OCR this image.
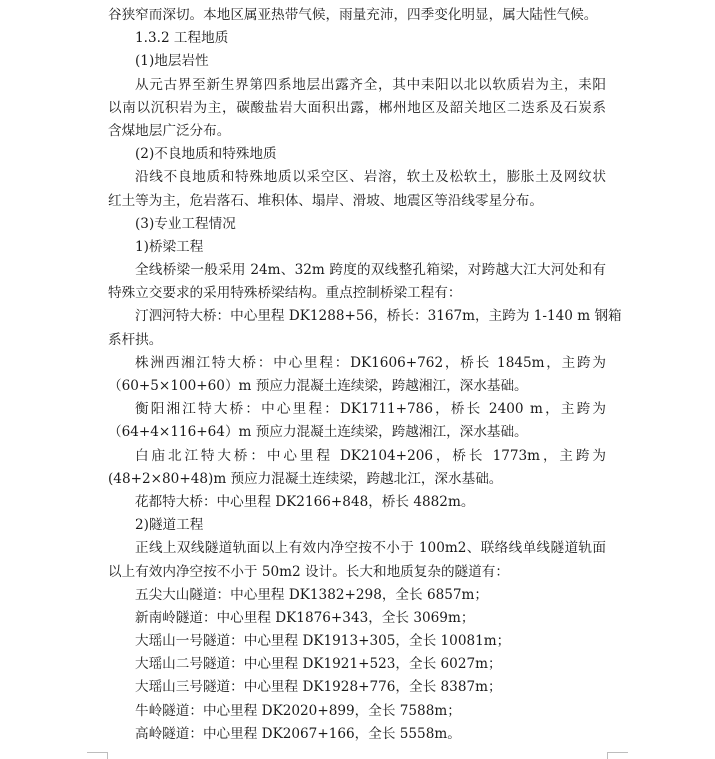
谷狭窄而深切。本地区属亚热带气候，雨量充沛，四季变化明显，属大陆性气候。
1.3.2 工程地质
(1)地层岩性
从元古界至新生界第四系地层出露齐全，其中耒阳以北以软质岩为主，耒阳
以南以沉积岩为主，碳酸盐岩大面积出露，郴州地区及韶关地区二迭系及石炭系
含煤地层广泛分布。
(2)不良地质和特殊地质
沿线不良地质和特殊地质以采空区、岩溶，软土及松软土，膨胀土及网纹状
红土等为主，危岩落石、堆积体、塌岸、滑坡、地震区等沿线零星分布。
(3)专业工程情况
1)桥梁工程
全线桥梁一般采用 24m、32m 跨度的双线整孔箱梁，对跨越大江大河处和有
特殊立交要求的采用特殊桥梁结构。重点控制桥梁工程有：
汀泗河特大桥：中心里程 DK1288+56，桥长：3167m，主跨为 1-140 m 钢箱
系杆拱。
株洲西湘江特大桥：中心里程：DK1606+762，桥长 1845m，主跨为
（60+5×100+60）m 预应力混凝土连续梁，跨越湘江，深水基础。
衡阳湘江特大桥：中心里程：DK1711+786，桥长 2400 m，主跨为
（64+4×116+64）m 预应力混凝土连续梁，跨越湘江，深水基础。
白庙北江特大桥：中心里程 DK2104+206，桥长 1773m，主跨为
(48+2×80+48)m 预应力混凝土连续梁，跨越北江，深水基础。
花都特大桥：中心里程 DK2166+848，桥长 4882m。
2)隧道工程
正线上双线隧道轨面以上有效内净空按不小于 100m2、联络线单线隧道轨面
以上有效内净空按不小于 50m2 设计。长大和地质复杂的隧道有：
五尖大山隧道：中心里程 DK1382+298，全长 6857m；
新南岭隧道：中心里程 DK1876+343，全长 3069m；
大瑶山一号隧道：中心里程 DK1913+305，全长 10081m；
大瑶山二号隧道：中心里程 DK1921+523，全长 6027m；
大瑶山三号隧道：中心里程 DK1928+776，全长 8387m；
牛岭隧道：中心里程 DK2020+899，全长 7588m；
高岭隧道：中心里程 DK2067+166，全长 5558m。
